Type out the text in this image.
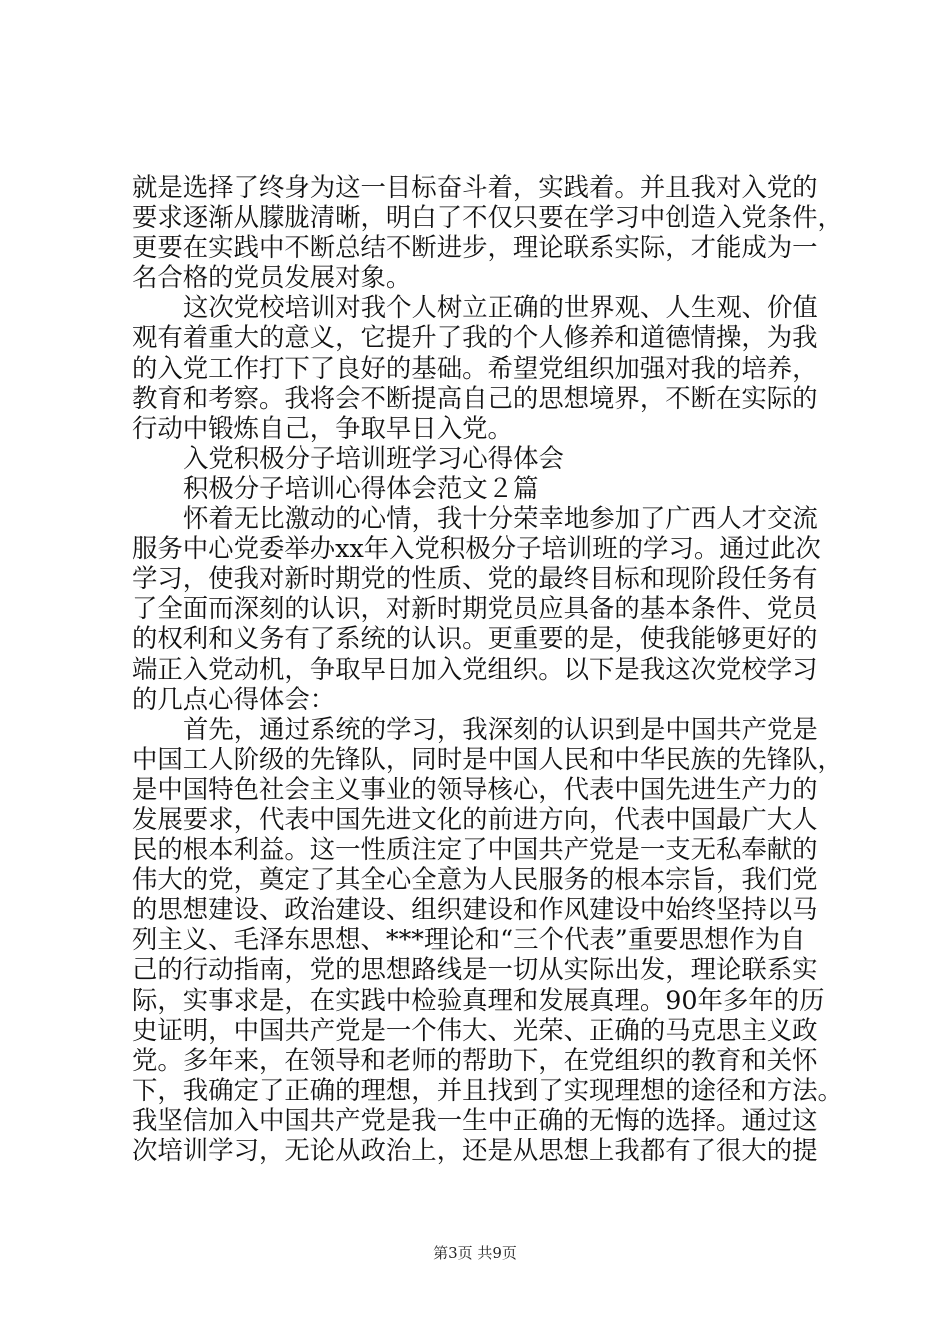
就是选择了终身为这一目标奋斗着，实践着。并且我对入党的
要求逐渐从朦胧清晰，明白了不仅只要在学习中创造入党条件，
更要在实践中不断总结不断进步，理论联系实际，才能成为一
名合格的党员发展对象。
这次党校培训对我个人树立正确的世界观、人生观、价值
观有着重大的意义，它提升了我的个人修养和道德情操，为我
的入党工作打下了良好的基础。希望党组织加强对我的培养，
教育和考察。我将会不断提高自己的思想境界，不断在实际的
行动中锻炼自己，争取早日入党。
入党积极分子培训班学习心得体会
积极分子培训心得体会范文２篇
怀着无比激动的心情，我十分荣幸地参加了广西人才交流
服务中心党委举办xx年入党积极分子培训班的学习。通过此次
学习，使我对新时期党的性质、党的最终目标和现阶段任务有
了全面而深刻的认识，对新时期党员应具备的基本条件、党员
的权利和义务有了系统的认识。更重要的是，使我能够更好的
端正入党动机，争取早日加入党组织。以下是我这次党校学习
的几点心得体会：
首先，通过系统的学习，我深刻的认识到是中国共产党是
中国工人阶级的先锋队，同时是中国人民和中华民族的先锋队，
是中国特色社会主义事业的领导核心，代表中国先进生产力的
发展要求，代表中国先进文化的前进方向，代表中国最广大人
民的根本利益。这一性质注定了中国共产党是一支无私奉献的
伟大的党，奠定了其全心全意为人民服务的根本宗旨，我们党
的思想建设、政治建设、组织建设和作风建设中始终坚持以马
列主义、毛泽东思想、***理论和“三个代表”重要思想作为自
己的行动指南，党的思想路线是一切从实际出发，理论联系实
际，实事求是，在实践中检验真理和发展真理。90年多年的历
史证明，中国共产党是一个伟大、光荣、正确的马克思主义政
党。多年来，在领导和老师的帮助下，在党组织的教育和关怀
下，我确定了正确的理想，并且找到了实现理想的途径和方法。
我坚信加入中国共产党是我一生中正确的无悔的选择。通过这
次培训学习，无论从政治上，还是从思想上我都有了很大的提
第3页 共9页
